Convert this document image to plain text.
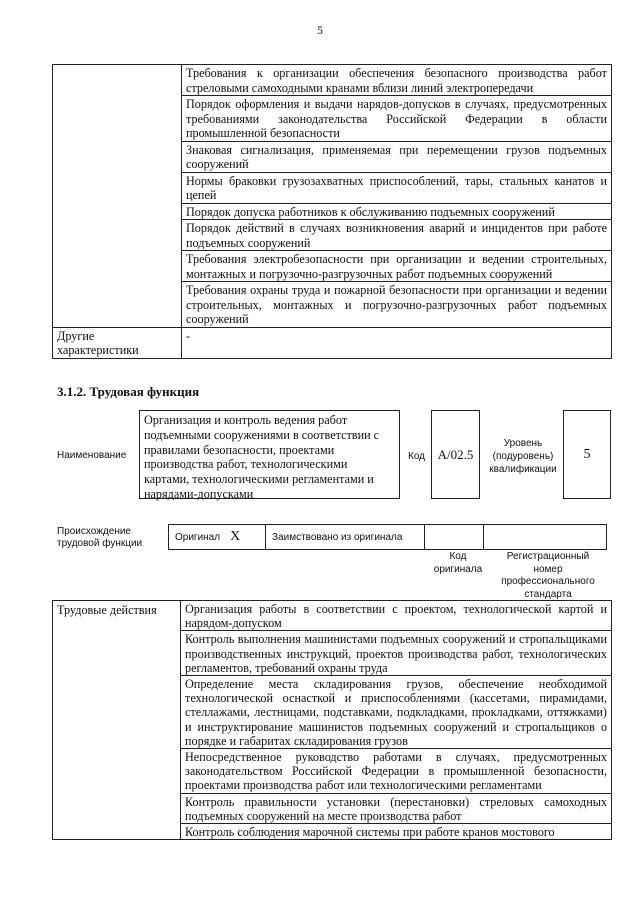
5
	Требования к организации обеспечения безопасного производства работ стреловыми самоходными кранами вблизи линий электропередачи
	Порядок оформления и выдачи нарядов-допусков в случаях, предусмотренных требованиями законодательства Российской Федерации в области промышленной безопасности
	Знаковая сигнализация, применяемая при перемещении грузов подъемных сооружений
	Нормы браковки грузозахватных приспособлений, тары, стальных канатов и цепей
	Порядок допуска работников к обслуживанию подъемных сооружений
	Порядок действий в случаях возникновения аварий и инцидентов при работе подъемных сооружений
	Требования электробезопасности при организации и ведении строительных, монтажных и погрузочно-разгрузочных работ подъемных сооружений
	Требования охраны труда и пожарной безопасности при организации и ведении строительных, монтажных и погрузочно-разгрузочных работ подъемных сооружений
Другие характеристики	-
3.1.2. Трудовая функция
Наименование
Организация и контроль ведения работ подъемными сооружениями в соответствии с правилами безопасности, проектами производства работ, технологическими картами, технологическими регламентами и нарядами-допусками
Код A/02.5
Уровень (подуровень) квалификации
5
Происхождение трудовой функции
Оригинал X	Заимствовано из оригинала		
Код оригинала
Регистрационный номер профессионального стандарта
Трудовые действия	Организация работы в соответствии с проектом, технологической картой и нарядом-допуском
Контроль выполнения машинистами подъемных сооружений и стропальщиками производственных инструкций, проектов производства работ, технологических регламентов, требований охраны труда
Определение места складирования грузов, обеспечение необходимой технологической оснасткой и приспособлениями (кассетами, пирамидами, стеллажами, лестницами, подставками, подкладками, прокладками, оттяжками) и инструктирование машинистов подъемных сооружений и стропальщиков о порядке и габаритах складирования грузов
Непосредственное руководство работами в случаях, предусмотренных законодательством Российской Федерации в промышленной безопасности, проектами производства работ или технологическими регламентами
Контроль правильности установки (перестановки) стреловых самоходных подъемных сооружений на месте производства работ
Контроль соблюдения марочной системы при работе кранов мостового
